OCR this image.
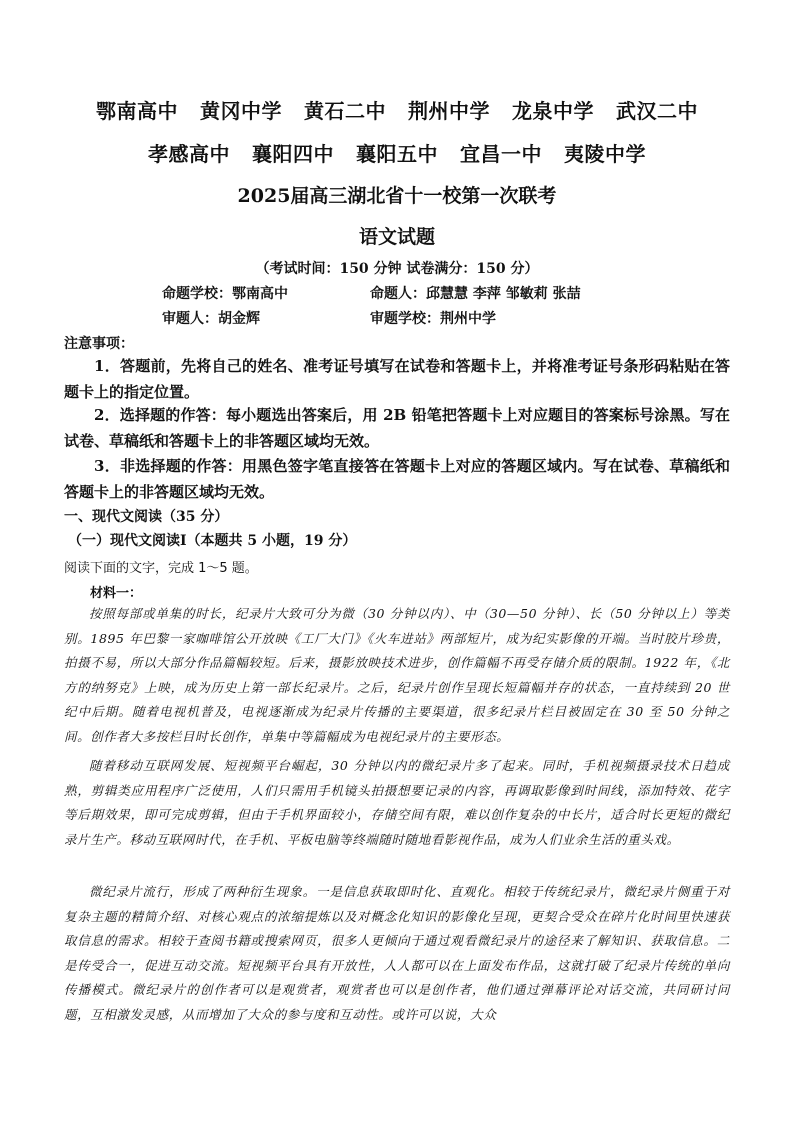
鄂南高中 黄冈中学 黄石二中 荆州中学 龙泉中学 武汉二中
孝感高中 襄阳四中 襄阳五中 宜昌一中 夷陵中学
2025届高三湖北省十一校第一次联考
语文试题
（考试时间：150 分钟 试卷满分：150 分）
命题学校：鄂南高中	命题人：邱慧慧 李萍 邹敏莉 张喆
审题人：胡金辉	审题学校：荆州中学
注意事项：
1．答题前，先将自己的姓名、准考证号填写在试卷和答题卡上，并将准考证号条形码粘贴在答题卡上的指定位置。
2．选择题的作答：每小题选出答案后，用 2B 铅笔把答题卡上对应题目的答案标号涂黑。写在试卷、草稿纸和答题卡上的非答题区域均无效。
3．非选择题的作答：用黑色签字笔直接答在答题卡上对应的答题区域内。写在试卷、草稿纸和答题卡上的非答题区域均无效。
一、现代文阅读（35 分）
（一）现代文阅读Ⅰ（本题共 5 小题，19 分）
阅读下面的文字，完成 1～5 题。
材料一：
按照每部或单集的时长，纪录片大致可分为微（30 分钟以内）、中（30—50 分钟）、长（50 分钟以上）等类别。1895 年巴黎一家咖啡馆公开放映《工厂大门》《火车进站》两部短片，成为纪实影像的开端。当时胶片珍贵，拍摄不易，所以大部分作品篇幅较短。后来，摄影放映技术进步，创作篇幅不再受存储介质的限制。1922 年，《北方的纳努克》上映，成为历史上第一部长纪录片。之后，纪录片创作呈现长短篇幅并存的状态，一直持续到 20 世纪中后期。随着电视机普及，电视逐渐成为纪录片传播的主要渠道，很多纪录片栏目被固定在 30 至 50 分钟之间。创作者大多按栏目时长创作，单集中等篇幅成为电视纪录片的主要形态。
随着移动互联网发展、短视频平台崛起，30 分钟以内的微纪录片多了起来。同时，手机视频摄录技术日趋成熟，剪辑类应用程序广泛使用，人们只需用手机镜头拍摄想要记录的内容，再调取影像到时间线，添加特效、花字等后期效果，即可完成剪辑，但由于手机界面较小，存储空间有限，难以创作复杂的中长片，适合时长更短的微纪录片生产。移动互联网时代，在手机、平板电脑等终端随时随地看影视作品，成为人们业余生活的重头戏。
微纪录片流行，形成了两种衍生现象。一是信息获取即时化、直观化。相较于传统纪录片，微纪录片侧重于对复杂主题的精简介绍、对核心观点的浓缩提炼以及对概念化知识的影像化呈现，更契合受众在碎片化时间里快速获取信息的需求。相较于查阅书籍或搜索网页，很多人更倾向于通过观看微纪录片的途径来了解知识、获取信息。二是传受合一，促进互动交流。短视频平台具有开放性，人人都可以在上面发布作品，这就打破了纪录片传统的单向传播模式。微纪录片的创作者可以是观赏者，观赏者也可以是创作者，他们通过弹幕评论对话交流，共同研讨问题，互相激发灵感，从而增加了大众的参与度和互动性。或许可以说，大众
